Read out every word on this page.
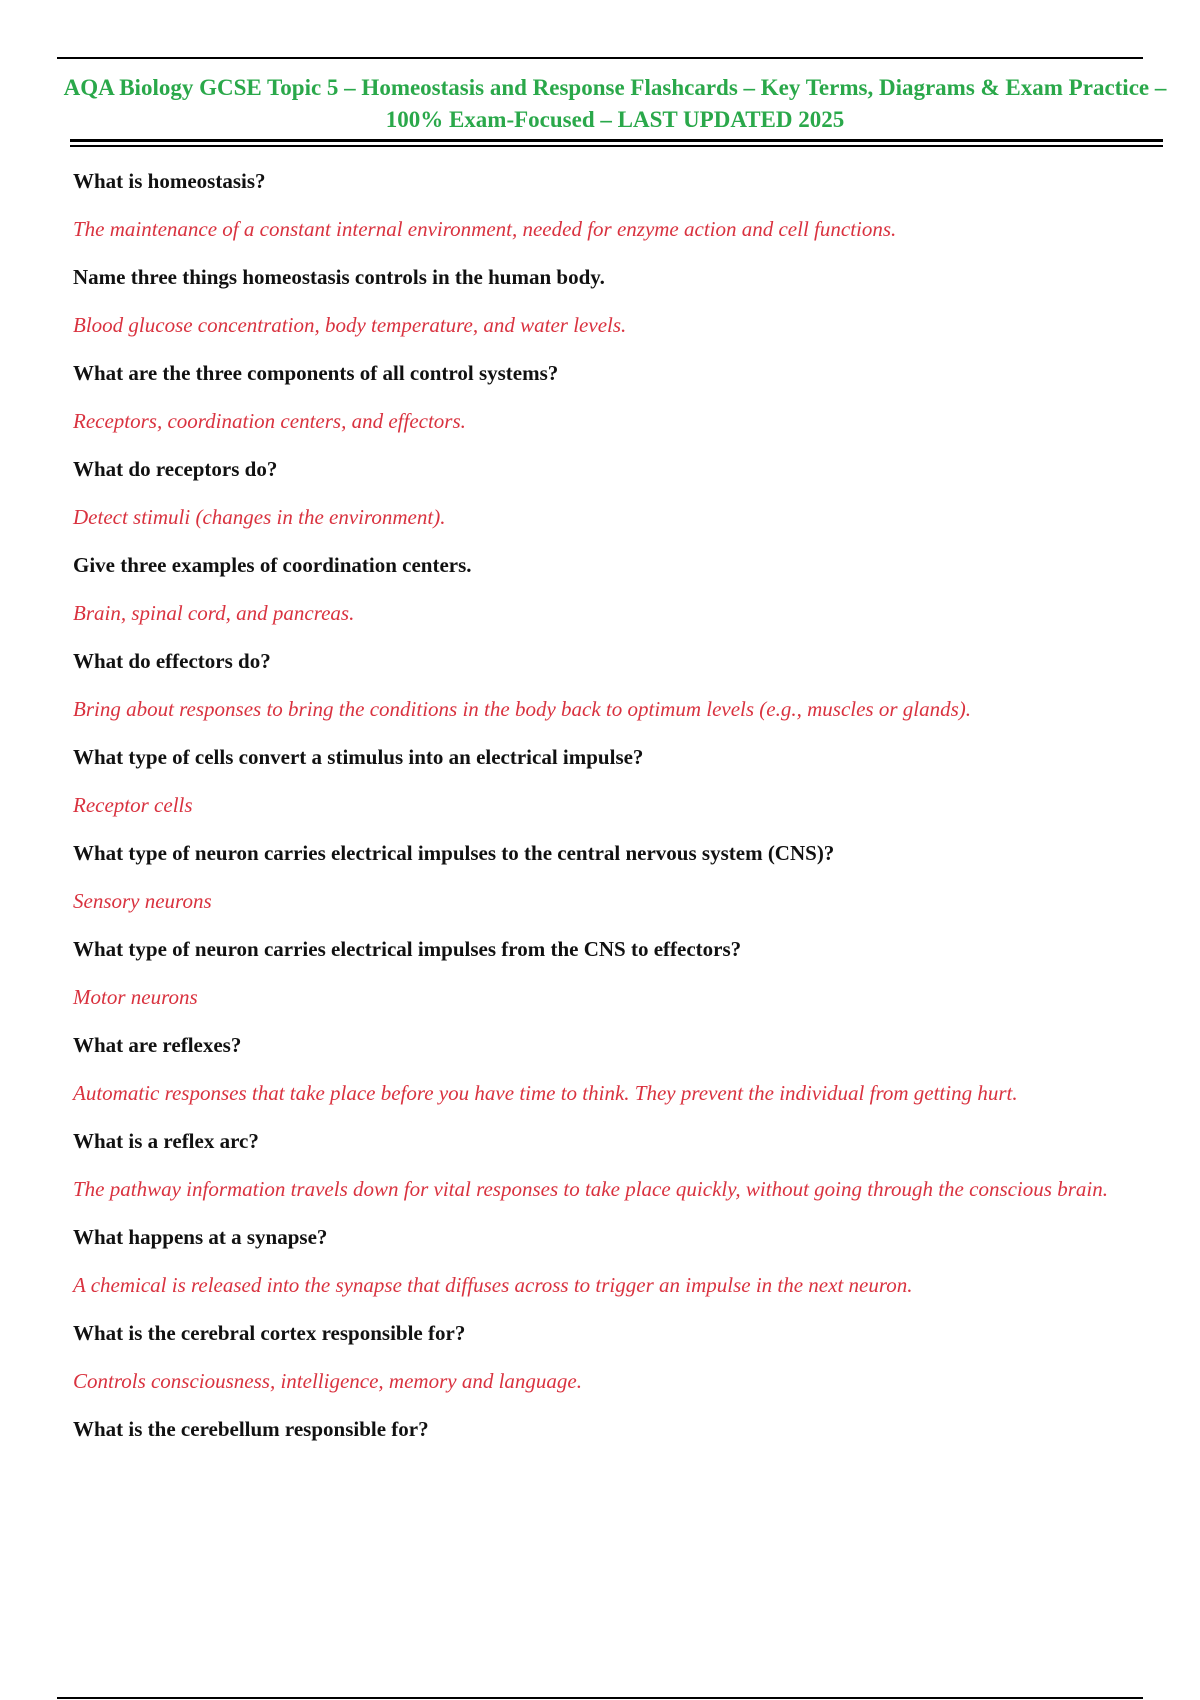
AQA Biology GCSE Topic 5 – Homeostasis and Response Flashcards – Key Terms, Diagrams & Exam Practice – 100% Exam-Focused – LAST UPDATED 2025
What is homeostasis?
The maintenance of a constant internal environment, needed for enzyme action and cell functions.
Name three things homeostasis controls in the human body.
Blood glucose concentration, body temperature, and water levels.
What are the three components of all control systems?
Receptors, coordination centers, and effectors.
What do receptors do?
Detect stimuli (changes in the environment).
Give three examples of coordination centers.
Brain, spinal cord, and pancreas.
What do effectors do?
Bring about responses to bring the conditions in the body back to optimum levels (e.g., muscles or glands).
What type of cells convert a stimulus into an electrical impulse?
Receptor cells
What type of neuron carries electrical impulses to the central nervous system (CNS)?
Sensory neurons
What type of neuron carries electrical impulses from the CNS to effectors?
Motor neurons
What are reflexes?
Automatic responses that take place before you have time to think. They prevent the individual from getting hurt.
What is a reflex arc?
The pathway information travels down for vital responses to take place quickly, without going through the conscious brain.
What happens at a synapse?
A chemical is released into the synapse that diffuses across to trigger an impulse in the next neuron.
What is the cerebral cortex responsible for?
Controls consciousness, intelligence, memory and language.
What is the cerebellum responsible for?
